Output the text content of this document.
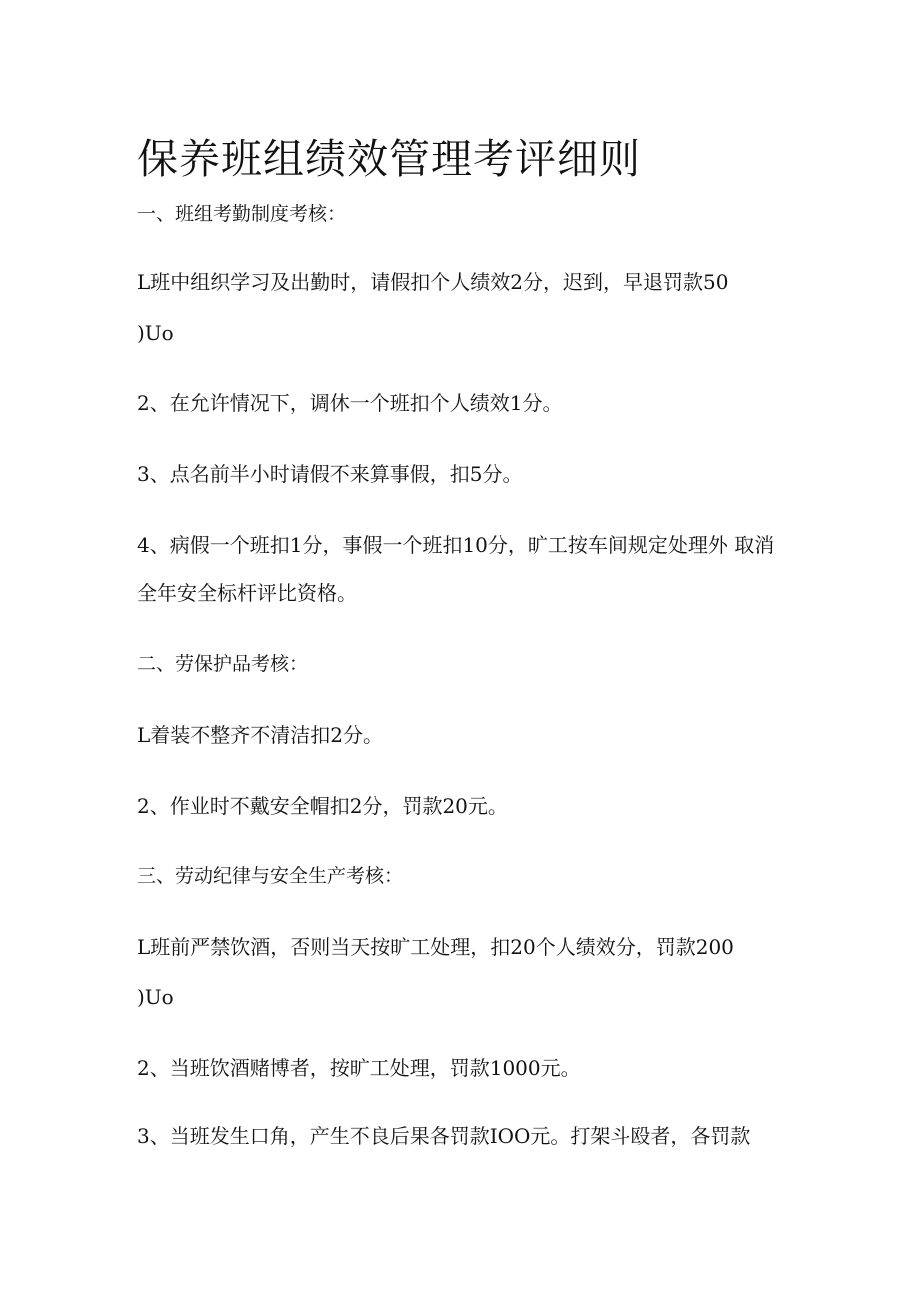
保养班组绩效管理考评细则

一、班组考勤制度考核：

L班中组织学习及出勤时，请假扣个人绩效2分，迟到，早退罚款50

)Uo

2、在允许情况下，调休一个班扣个人绩效1分。

3、点名前半小时请假不来算事假，扣5分。

4、病假一个班扣1分，事假一个班扣10分，旷工按车间规定处理外 取消

全年安全标杆评比资格。

二、劳保护品考核：

L着装不整齐不清洁扣2分。

2、作业时不戴安全帽扣2分，罚款20元。

三、劳动纪律与安全生产考核：

L班前严禁饮酒，否则当天按旷工处理，扣20个人绩效分，罚款200

)Uo

2、当班饮酒赌博者，按旷工处理，罚款1000元。

3、当班发生口角，产生不良后果各罚款IOO元。打架斗殴者，各罚款
